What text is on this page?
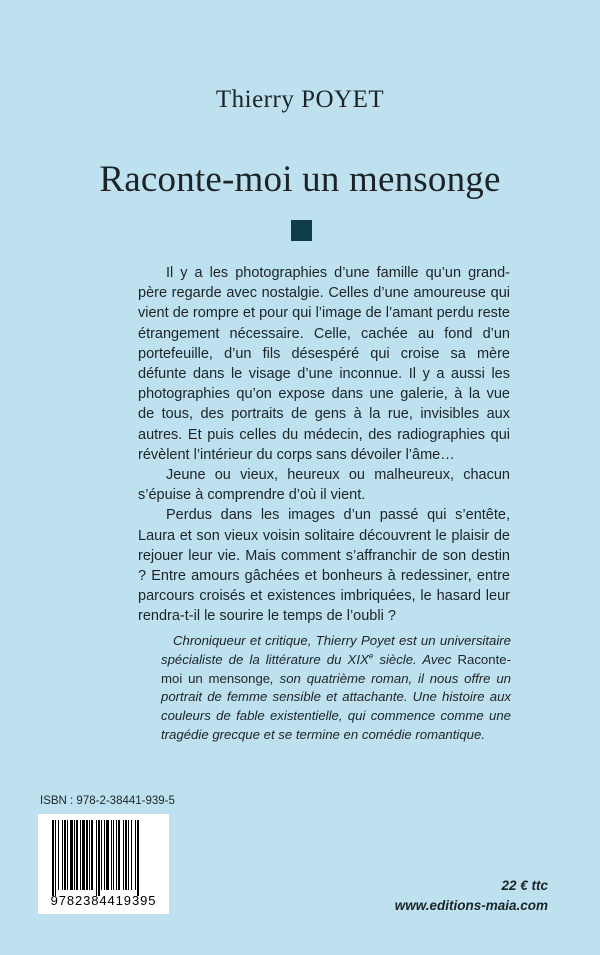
Thierry POYET
Raconte-moi un mensonge

Il y a les photographies d’une famille qu’un grand-père regarde avec nostalgie. Celles d’une amoureuse qui vient de rompre et pour qui l’image de l’amant perdu reste étrangement nécessaire. Celle, cachée au fond d’un portefeuille, d’un fils désespéré qui croise sa mère défunte dans le visage d’une inconnue. Il y a aussi les photographies qu’on expose dans une galerie, à la vue de tous, des portraits de gens à la rue, invisibles aux autres. Et puis celles du médecin, des radiographies qui révèlent l’intérieur du corps sans dévoiler l’âme…

Jeune ou vieux, heureux ou malheureux, chacun s’épuise à comprendre d’où il vient.

Perdus dans les images d’un passé qui s’entête, Laura et son vieux voisin solitaire découvrent le plaisir de rejouer leur vie. Mais comment s’affranchir de son destin ? Entre amours gâchées et bonheurs à redessiner, entre parcours croisés et existences imbriquées, le hasard leur rendra-t-il le sourire le temps de l’oubli ?

Chroniqueur et critique, Thierry Poyet est un universitaire spécialiste de la littérature du XIXe siècle. Avec Raconte-moi un mensonge, son quatrième roman, il nous offre un portrait de femme sensible et attachante. Une histoire aux couleurs de fable existentielle, qui commence comme une tragédie grecque et se termine en comédie romantique.
ISBN : 978-2-38441-939-5
9782384419395
22 € ttc
www.editions-maia.com
